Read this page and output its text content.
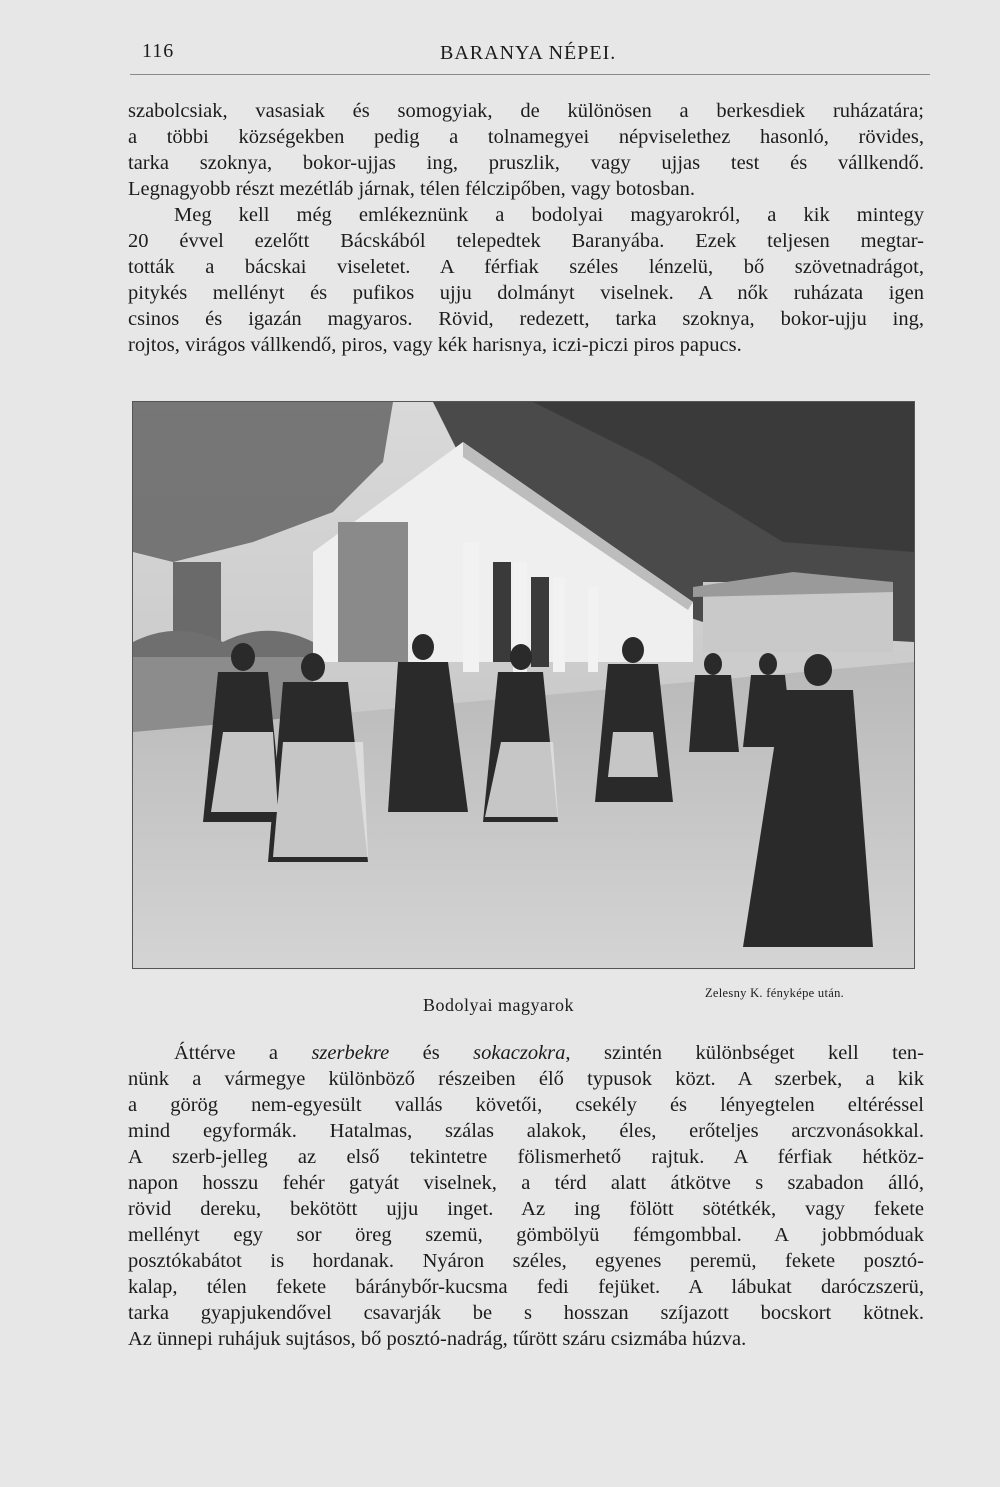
116	BARANYA NÉPEI.

szabolcsiak, vasasiak és somogyiak, de különösen a berkesdiek ruházatára;
a többi községekben pedig a tolnamegyei népviselethez hasonló, rövides,
tarka szoknya, bokor-ujjas ing, pruszlik, vagy ujjas test és vállkendő.
Legnagyobb részt mezétláb járnak, télen félczipőben, vagy botosban.

Meg kell még emlékeznünk a bodolyai magyarokról, a kik mintegy
20 évvel ezelőtt Bácskából telepedtek Baranyába. Ezek teljesen megtar-
tották a bácskai viseletet. A férfiak széles lénzelü, bő szövetnadrágot,
pitykés mellényt és pufikos ujju dolmányt viselnek. A nők ruházata igen
csinos és igazán magyaros. Rövid, redezett, tarka szoknya, bokor-ujju ing,
rojtos, virágos vállkendő, piros, vagy kék harisnya, iczi-piczi piros papucs.

Bodolyai magyarok
Zelesny K. fényképe után.

Áttérve a szerbekre és sokaczokra, szintén különbséget kell ten-
nünk a vármegye különböző részeiben élő typusok közt. A szerbek, a kik
a görög nem-egyesült vallás követői, csekély és lényegtelen eltéréssel
mind egyformák. Hatalmas, szálas alakok, éles, erőteljes arczvonásokkal.
A szerb-jelleg az első tekintetre fölismerhető rajtuk. A férfiak hétköz-
napon hosszu fehér gatyát viselnek, a térd alatt átkötve s szabadon álló,
rövid dereku, bekötött ujju inget. Az ing fölött sötétkék, vagy fekete
mellényt egy sor öreg szemü, gömbölyü fémgombbal. A jobbmóduak
posztókabátot is hordanak. Nyáron széles, egyenes peremü, fekete posztó-
kalap, télen fekete báránybőr-kucsma fedi fejüket. A lábukat daróczszerü,
tarka gyapjukendővel csavarják be s hosszan szíjazott bocskort kötnek.
Az ünnepi ruhájuk sujtásos, bő posztó-nadrág, tűrött száru csizmába húzva.
